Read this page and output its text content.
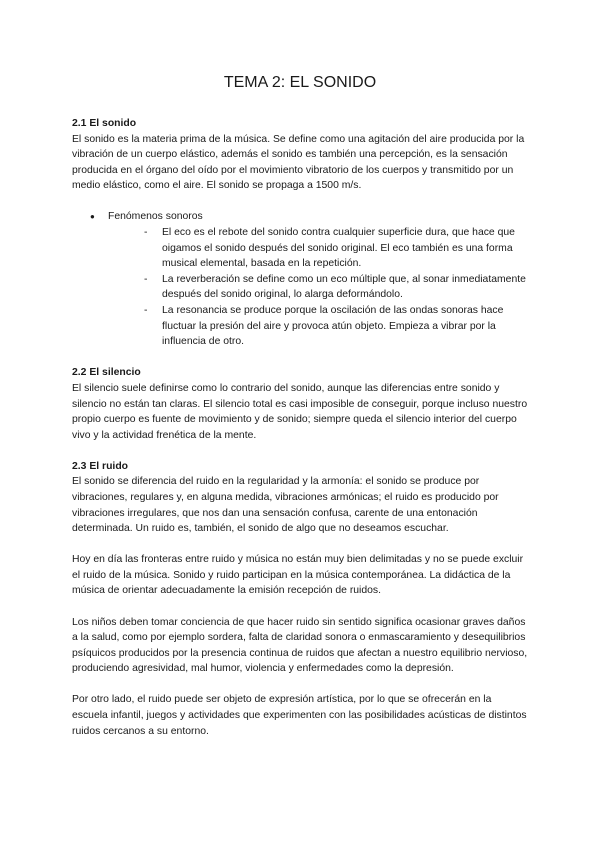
TEMA 2: EL SONIDO

2.1 El sonido

El sonido es la materia prima de la música. Se define como una agitación del aire producida por la vibración de un cuerpo elástico, además el sonido es también una percepción, es la sensación producida en el órgano del oído por el movimiento vibratorio de los cuerpos y transmitido por un medio elástico, como el aire. El sonido se propaga a 1500 m/s.

●	Fenómenos sonoros
- El eco es el rebote del sonido contra cualquier superficie dura, que hace que oigamos el sonido después del sonido original. El eco también es una forma musical elemental, basada en la repetición.
- La reverberación se define como un eco múltiple que, al sonar inmediatamente después del sonido original, lo alarga deformándolo.
- La resonancia se produce porque la oscilación de las ondas sonoras hace fluctuar la presión del aire y provoca atún objeto. Empieza a vibrar por la influencia de otro.

2.2 El silencio

El silencio suele definirse como lo contrario del sonido, aunque las diferencias entre sonido y silencio no están tan claras. El silencio total es casi imposible de conseguir, porque incluso nuestro propio cuerpo es fuente de movimiento y de sonido; siempre queda el silencio interior del cuerpo vivo y la actividad frenética de la mente.

2.3 El ruido

El sonido se diferencia del ruido en la regularidad y la armonía: el sonido se produce por vibraciones, regulares y, en alguna medida, vibraciones armónicas; el ruido es producido por vibraciones irregulares, que nos dan una sensación confusa, carente de una entonación determinada. Un ruido es, también, el sonido de algo que no deseamos escuchar.

Hoy en día las fronteras entre ruido y música no están muy bien delimitadas y no se puede excluir el ruido de la música. Sonido y ruido participan en la música contemporánea. La didáctica de la música de orientar adecuadamente la emisión recepción de ruidos.

Los niños deben tomar conciencia de que hacer ruido sin sentido significa ocasionar graves daños a la salud, como por ejemplo sordera, falta de claridad sonora o enmascaramiento y desequilibrios psíquicos producidos por la presencia continua de ruidos que afectan a nuestro equilibrio nervioso, produciendo agresividad, mal humor, violencia y enfermedades como la depresión.

Por otro lado, el ruido puede ser objeto de expresión artística, por lo que se ofrecerán en la escuela infantil, juegos y actividades que experimenten con las posibilidades acústicas de distintos ruidos cercanos a su entorno.
